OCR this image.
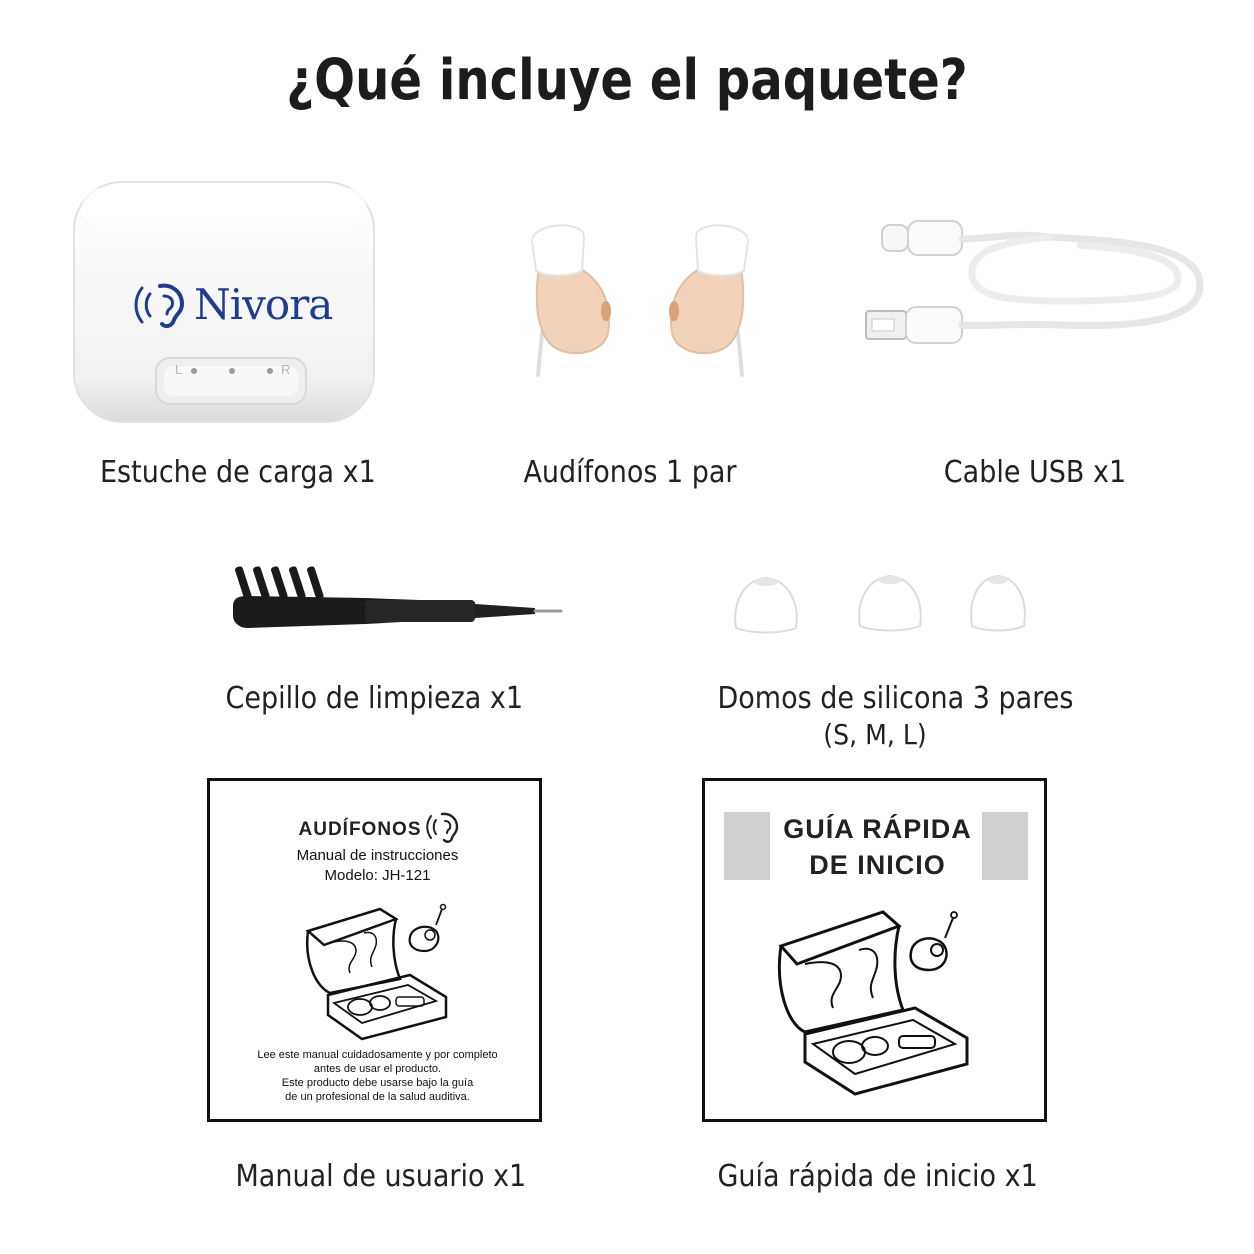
¿Qué incluye el paquete?
Nivora
L	R
Estuche de carga x1	Audífonos 1 par	Cable USB x1
Cepillo de limpieza x1	Domos de silicona 3 pares
(S, M, L)
AUDÍFONOS
Manual de instrucciones
Modelo: JH-121
Lee este manual cuidadosamente y por completo
antes de usar el producto.
Este producto debe usarse bajo la guía
de un profesional de la salud auditiva.
Manual de usuario x1
GUÍA RÁPIDA
DE INICIO
Guía rápida de inicio x1
